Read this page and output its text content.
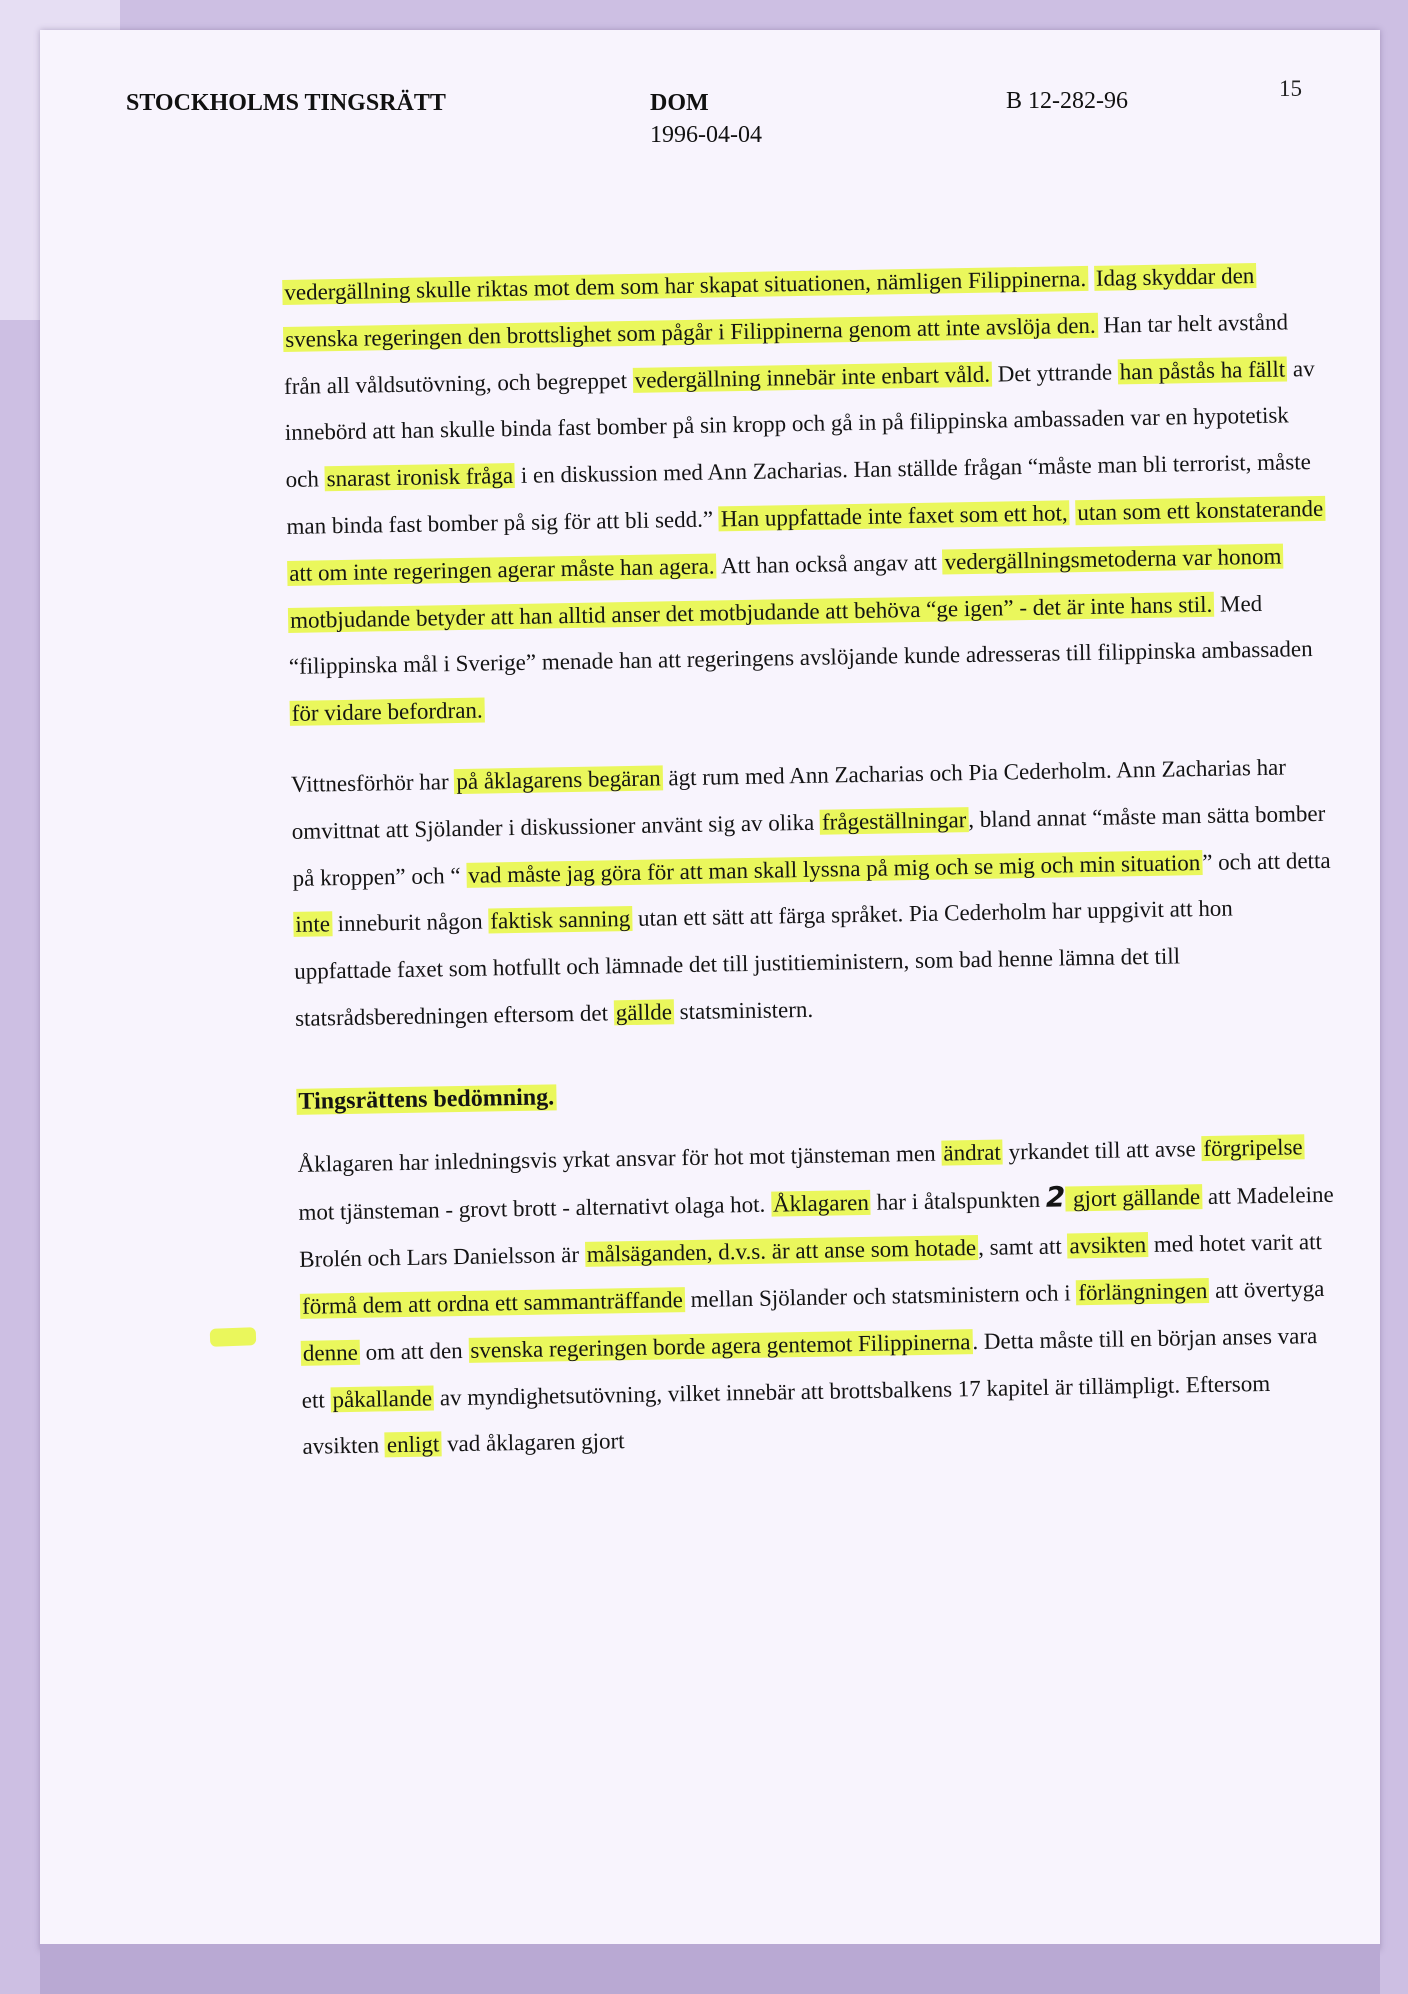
15
STOCKHOLMS TINGSRÄTT	DOM
1996-04-04
B 12-282-96

vedergällning skulle riktas mot dem som har skapat situationen, nämligen Filippinerna. Idag skyddar den svenska regeringen den brottslighet som pågår i Filippinerna genom att inte avslöja den. Han tar helt avstånd från all våldsutövning, och begreppet vedergällning innebär inte enbart våld. Det yttrande han påstås ha fällt av innebörd att han skulle binda fast bomber på sin kropp och gå in på filippinska ambassaden var en hypotetisk och snarast ironisk fråga i en diskussion med Ann Zacharias. Han ställde frågan “måste man bli terrorist, måste man binda fast bomber på sig för att bli sedd.” Han uppfattade inte faxet som ett hot, utan som ett konstaterande att om inte regeringen agerar måste han agera. Att han också angav att vedergällningsmetoderna var honom motbjudande betyder att han alltid anser det motbjudande att behöva “ge igen” - det är inte hans stil. Med “filippinska mål i Sverige” menade han att regeringens avslöjande kunde adresseras till filippinska ambassaden för vidare befordran.

Vittnesförhör har på åklagarens begäran ägt rum med Ann Zacharias och Pia Cederholm. Ann Zacharias har omvittnat att Sjölander i diskussioner använt sig av olika frågeställningar, bland annat “måste man sätta bomber på kroppen” och “ vad måste jag göra för att man skall lyssna på mig och se mig och min situation” och att detta inte inneburit någon faktisk sanning utan ett sätt att färga språket. Pia Cederholm har uppgivit att hon uppfattade faxet som hotfullt och lämnade det till justitieministern, som bad henne lämna det till statsrådsberedningen eftersom det gällde statsministern.

Tingsrättens bedömning.

Åklagaren har inledningsvis yrkat ansvar för hot mot tjänsteman men ändrat yrkandet till att avse förgripelse mot tjänsteman - grovt brott - alternativt olaga hot. Åklagaren har i åtalspunkten 2 gjort gällande att Madeleine Brolén och Lars Danielsson är målsäganden, d.v.s. är att anse som hotade, samt att avsikten med hotet varit att förmå dem att ordna ett sammanträffande mellan Sjölander och statsministern och i förlängningen att övertyga denne om att den svenska regeringen borde agera gentemot Filippinerna. Detta måste till en början anses vara ett påkallande av myndighetsutövning, vilket innebär att brottsbalkens 17 kapitel är tillämpligt. Eftersom avsikten enligt vad åklagaren gjort
